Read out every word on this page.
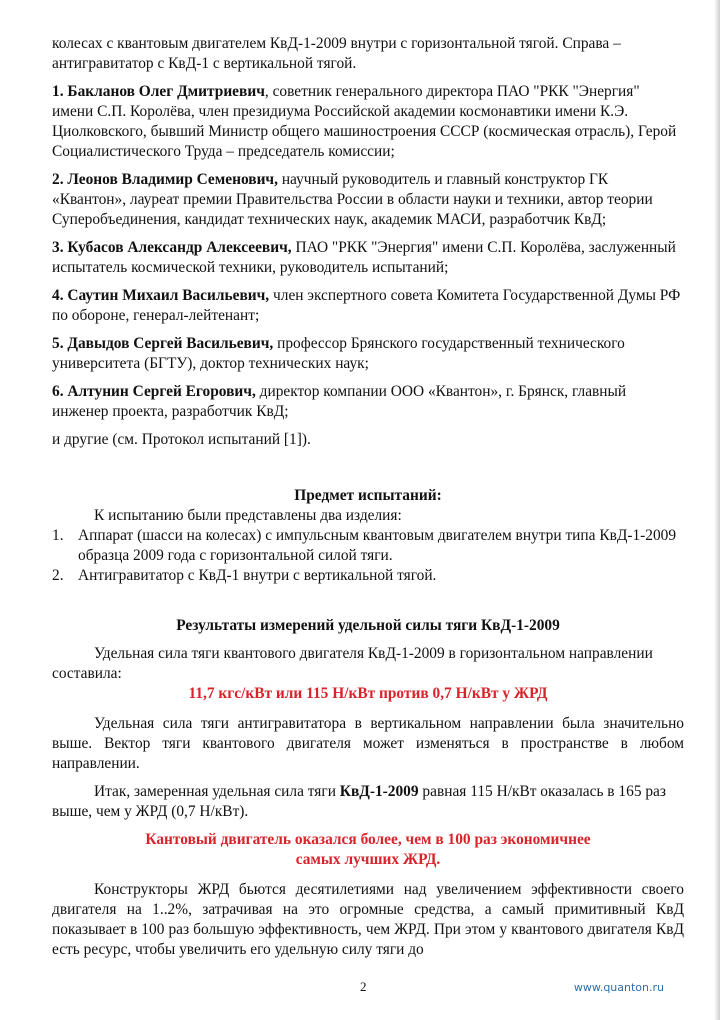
колесах с квантовым двигателем КвД-1-2009 внутри с горизонтальной тягой. Справа – антигравитатор с КвД-1 с вертикальной тягой.

1. Бакланов Олег Дмитриевич, советник генерального директора ПАО "РКК "Энергия" имени С.П. Королёва, член президиума Российской академии космонавтики имени К.Э. Циолковского, бывший Министр общего машиностроения СССР (космическая отрасль), Герой Социалистического Труда – председатель комиссии;

2. Леонов Владимир Семенович, научный руководитель и главный конструктор ГК «Квантон», лауреат премии Правительства России в области науки и техники, автор теории Суперобъединения, кандидат технических наук, академик МАСИ, разработчик КвД;

3. Кубасов Александр Алексеевич, ПАО "РКК "Энергия" имени С.П. Королёва, заслуженный испытатель космической техники, руководитель испытаний;

4. Саутин Михаил Васильевич, член экспертного совета Комитета Государственной Думы РФ по обороне, генерал-лейтенант;

5. Давыдов Сергей Васильевич, профессор Брянского государственный технического университета (БГТУ), доктор технических наук;

6. Алтунин Сергей Егорович, директор компании ООО «Квантон», г. Брянск, главный инженер проекта, разработчик КвД;

и другие (см. Протокол испытаний [1]).

Предмет испытаний:
К испытанию были представлены два изделия:
1. Аппарат (шасси на колесах) с импульсным квантовым двигателем внутри типа КвД-1-2009 образца 2009 года с горизонтальной силой тяги.
2. Антигравитатор с КвД-1 внутри с вертикальной тягой.
Результаты измерений удельной силы тяги КвД-1-2009
Удельная сила тяги квантового двигателя КвД-1-2009 в горизонтальном направлении составила:
11,7 кгс/кВт или 115 Н/кВт против 0,7 Н/кВт у ЖРД

Удельная сила тяги антигравитатора в вертикальном направлении была значительно выше. Вектор тяги квантового двигателя может изменяться в пространстве в любом направлении.

Итак, замеренная удельная сила тяги КвД-1-2009 равная 115 Н/кВт оказалась в 165 раз выше, чем у ЖРД (0,7 Н/кВт).

Кантовый двигатель оказался более, чем в 100 раз экономичнее
самых лучших ЖРД.

Конструкторы ЖРД бьются десятилетиями над увеличением эффективности своего двигателя на 1..2%, затрачивая на это огромные средства, а самый примитивный КвД показывает в 100 раз большую эффективность, чем ЖРД. При этом у квантового двигателя КвД есть ресурс, чтобы увеличить его удельную силу тяги до

2	www.quanton.ru
